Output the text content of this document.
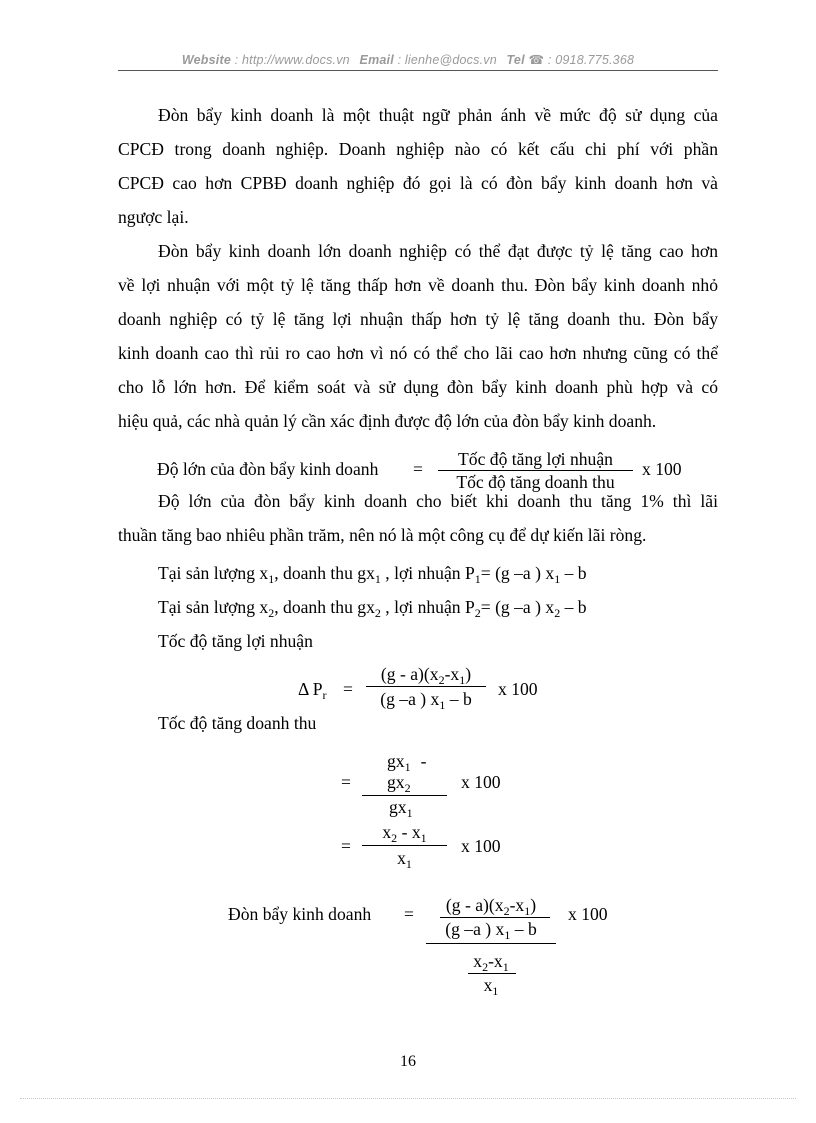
Website : http://www.docs.vn Email : lienhe@docs.vn Tel ☎ : 0918.775.368
Đòn bẩy kinh doanh là một thuật ngữ phản ánh về mức độ sử dụng của
CPCĐ trong doanh nghiệp. Doanh nghiệp nào có kết cấu chi phí với phần
CPCĐ cao hơn CPBĐ doanh nghiệp đó gọi là có đòn bẩy kinh doanh hơn và
ngược lại.
Đòn bẩy kinh doanh lớn doanh nghiệp có thể đạt được tỷ lệ tăng cao hơn
về lợi nhuận với một tỷ lệ tăng thấp hơn về doanh thu. Đòn bẩy kinh doanh nhỏ
doanh nghiệp có tỷ lệ tăng lợi nhuận thấp hơn tỷ lệ tăng doanh thu. Đòn bẩy
kinh doanh cao thì rủi ro cao hơn vì nó có thể cho lãi cao hơn nhưng cũng có thể
cho lỗ lớn hơn. Để kiểm soát và sử dụng đòn bẩy kinh doanh phù hợp và có
hiệu quả, các nhà quản lý cần xác định được độ lớn của đòn bẩy kinh doanh.
Độ lớn của đòn bẩy kinh doanh =	Tốc độ tăng lợi nhuận
Tốc độ tăng doanh thu
x 100
Độ lớn của đòn bẩy kinh doanh cho biết khi doanh thu tăng 1% thì lãi
thuần tăng bao nhiêu phần trăm, nên nó là một công cụ để dự kiến lãi ròng.
Tại sản lượng $x_1$, doanh thu $gx_1$ , lợi nhuận $P_1= (g$ –a ) $x_1$ – b
Tại sản lượng $x_2$, doanh thu $gx_2$ , lợi nhuận $P_2= (g$ –a ) $x_2$ – b
Tốc độ tăng lợi nhuận
Δ $P_r$ =
$(g - a)(x_2-x_1)$
(g –a ) $x_1$ – b	x 100
Tốc độ tăng doanh thu
$gx_1$ -
= $gx_2$
$gx_1$
x 100
=
$x_2 - x_1$
$x_1$
x 100
Đòn bẩy kinh doanh =	$(g - a)(x_2-x_1)$
(g –a ) $x_1$ – b
$x_2-x_1$
$x_1$
x 100
16
